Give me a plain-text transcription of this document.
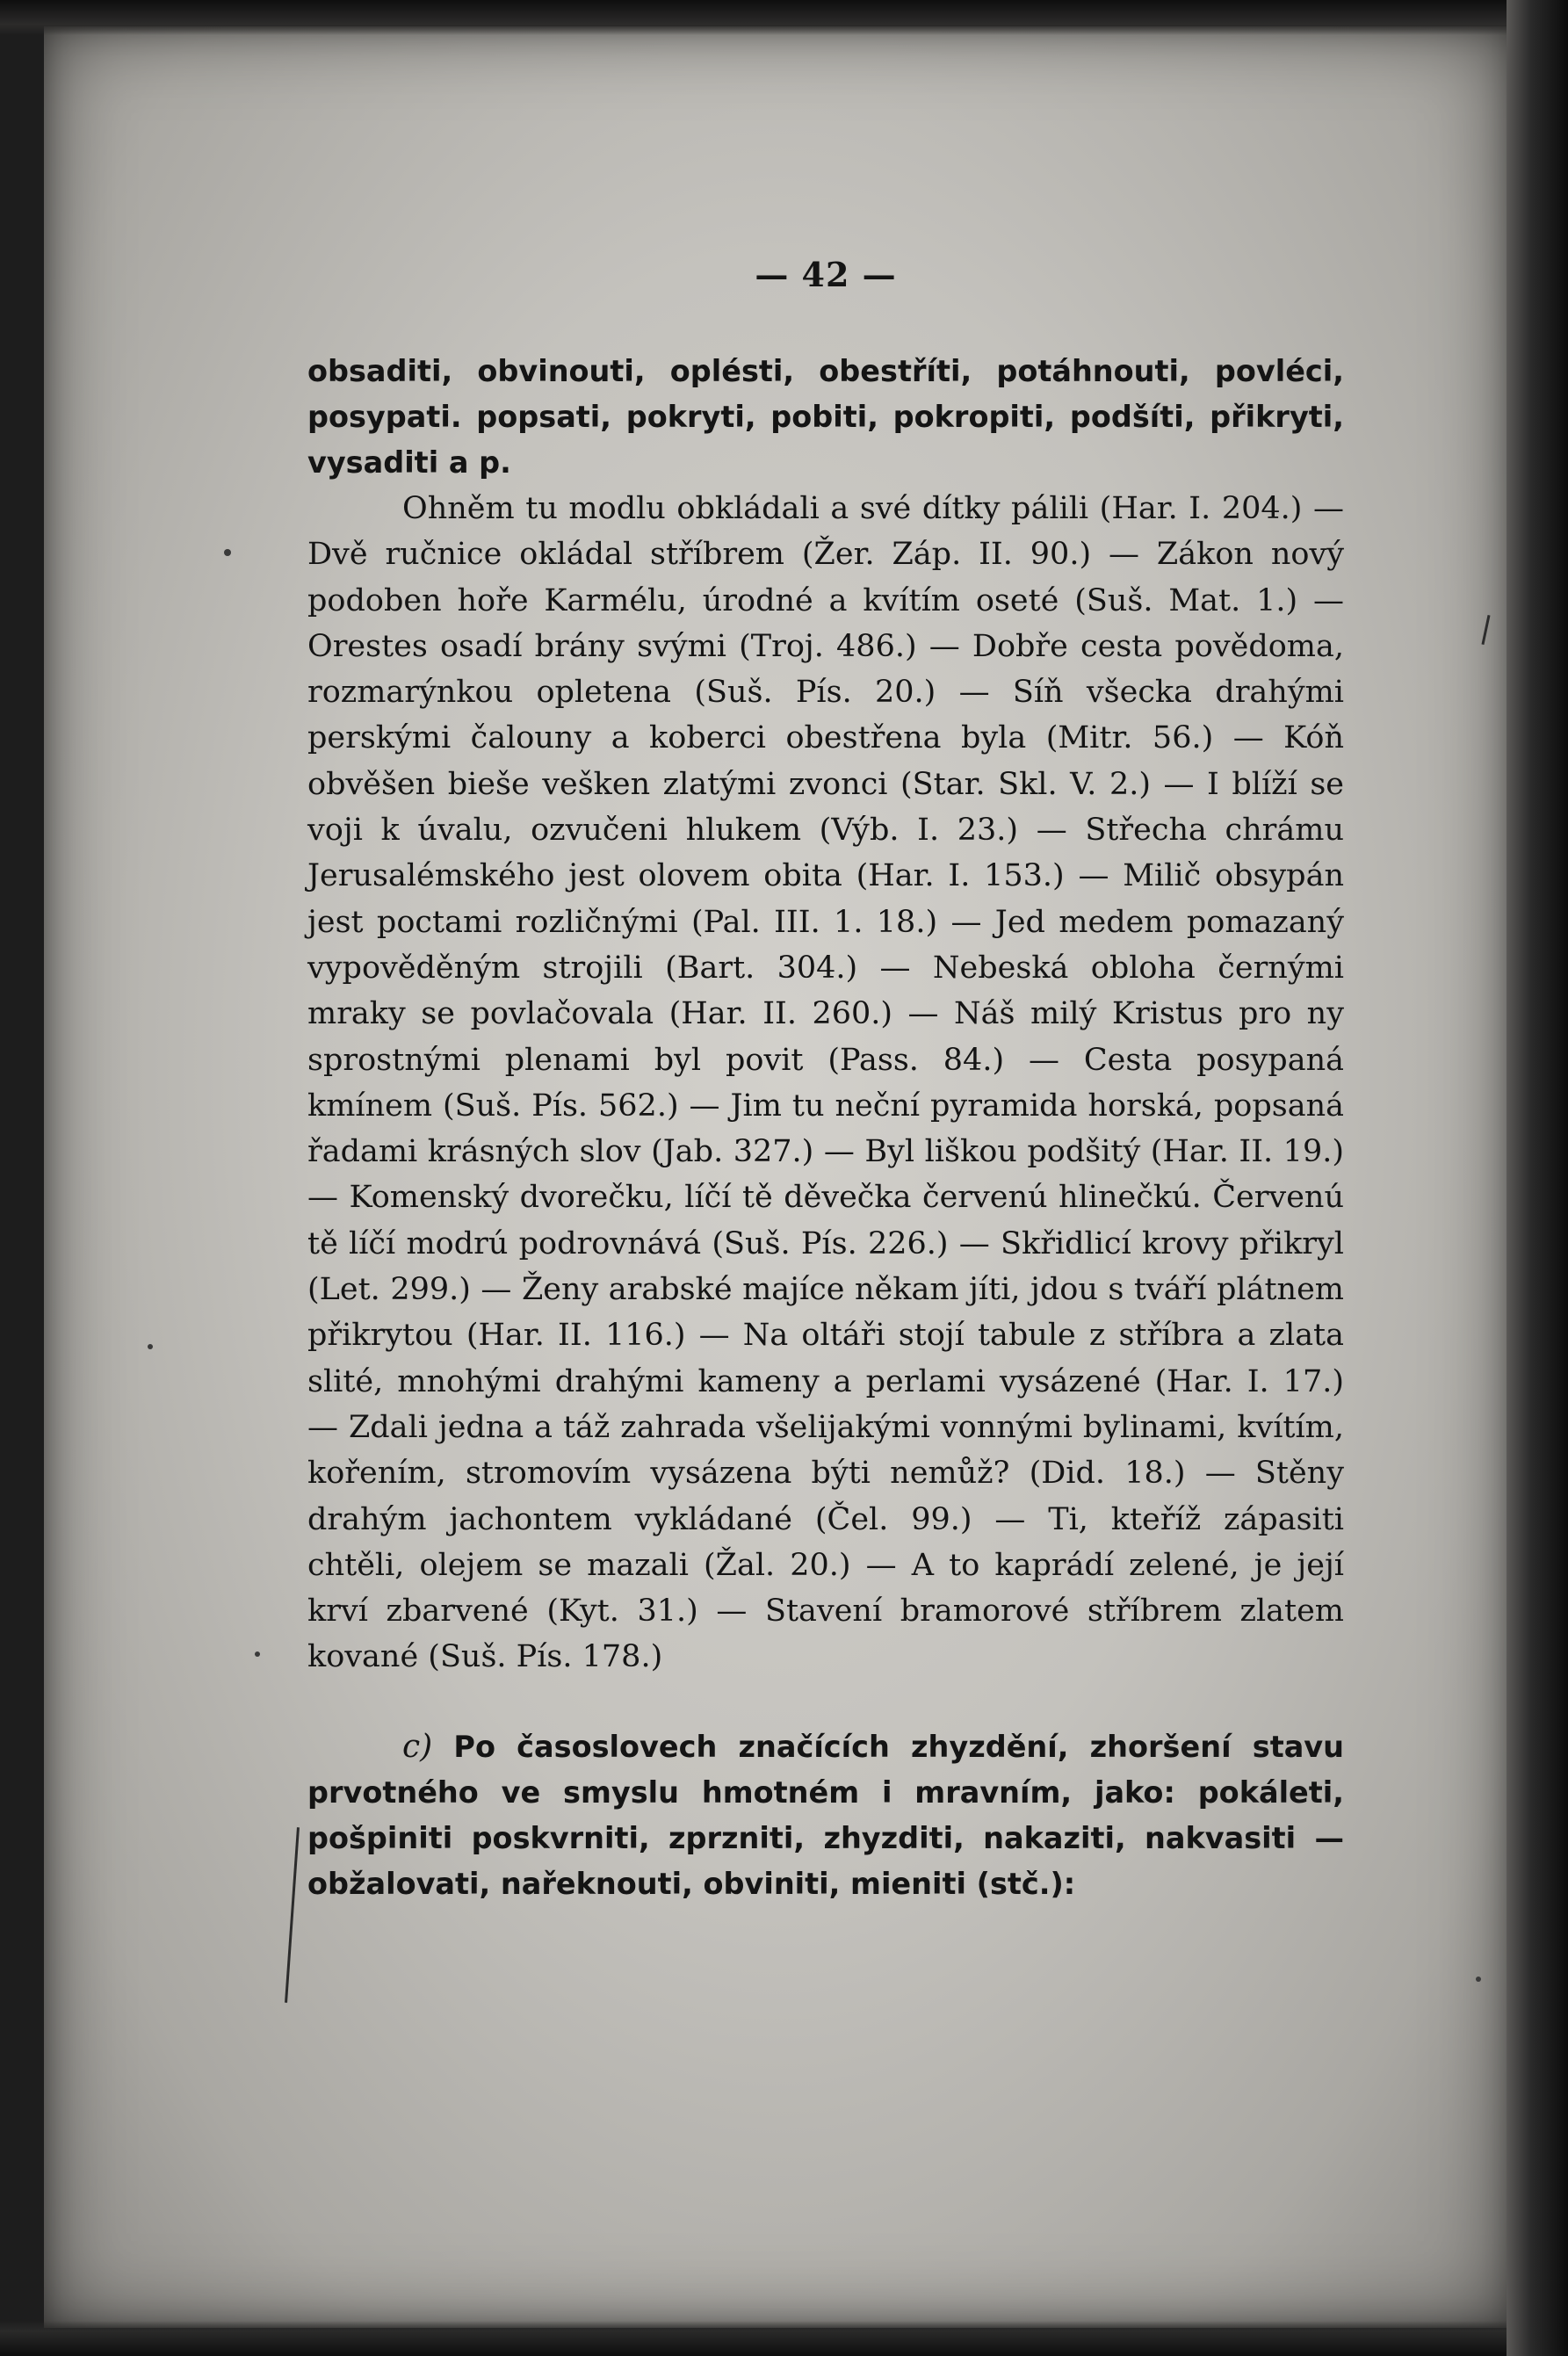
— 42 —

obsaditi, obvinouti, oplésti, obestříti, potáhnouti, povléci, posypati. popsati, pokryti, pobiti, pokropiti, podšíti, přikryti, vysaditi a p.

Ohněm tu modlu obkládali a své dítky pálili (Har. I. 204.) — Dvě ručnice okládal stříbrem (Žer. Záp. II. 90.) — Zákon nový podoben hoře Karmélu, úrodné a kvítím oseté (Suš. Mat. 1.) — Orestes osadí brány svými (Troj. 486.) — Dobře cesta povědoma, rozmarýnkou opletena (Suš. Pís. 20.) — Síň všecka drahými perskými čalouny a koberci obestřena byla (Mitr. 56.) — Kóň obvěšen bieše vešken zlatými zvonci (Star. Skl. V. 2.) — I blíží se voji k úvalu, ozvučeni hlukem (Výb. I. 23.) — Střecha chrámu Jerusalémského jest olovem obita (Har. I. 153.) — Milič obsypán jest poctami rozličnými (Pal. III. 1. 18.) — Jed medem pomazaný vypověděným strojili (Bart. 304.) — Nebeská obloha černými mraky se povlačovala (Har. II. 260.) — Náš milý Kristus pro ny sprostnými plenami byl povit (Pass. 84.) — Cesta posypaná kmínem (Suš. Pís. 562.) — Jim tu neční pyramida horská, popsaná řadami krásných slov (Jab. 327.) — Byl liškou podšitý (Har. II. 19.) — Komenský dvorečku, líčí tě děvečka červenú hlinečkú. Červenú tě líčí modrú podrovnává (Suš. Pís. 226.) — Skřidlicí krovy přikryl (Let. 299.) — Ženy arabské majíce někam jíti, jdou s tváří plátnem přikrytou (Har. II. 116.) — Na oltáři stojí tabule z stříbra a zlata slité, mnohými drahými kameny a perlami vysázené (Har. I. 17.) — Zdali jedna a táž zahrada všelijakými vonnými bylinami, kvítím, kořením, stromovím vysázena býti nemůž? (Did. 18.) — Stěny drahým jachontem vykládané (Čel. 99.) — Ti, kteříž zápasiti chtěli, olejem se mazali (Žal. 20.) — A to kaprádí zelené, je její krví zbarvené (Kyt. 31.) — Stavení bramorové stříbrem zlatem kované (Suš. Pís. 178.)

c) Po časoslovech značících zhyzdění, zhoršení stavu prvotného ve smyslu hmotném i mravním, jako: pokáleti, pošpiniti poskvrniti, zprzniti, zhyzditi, nakaziti, nakvasiti — obžalovati, nařeknouti, obviniti, mieniti (stč.):
